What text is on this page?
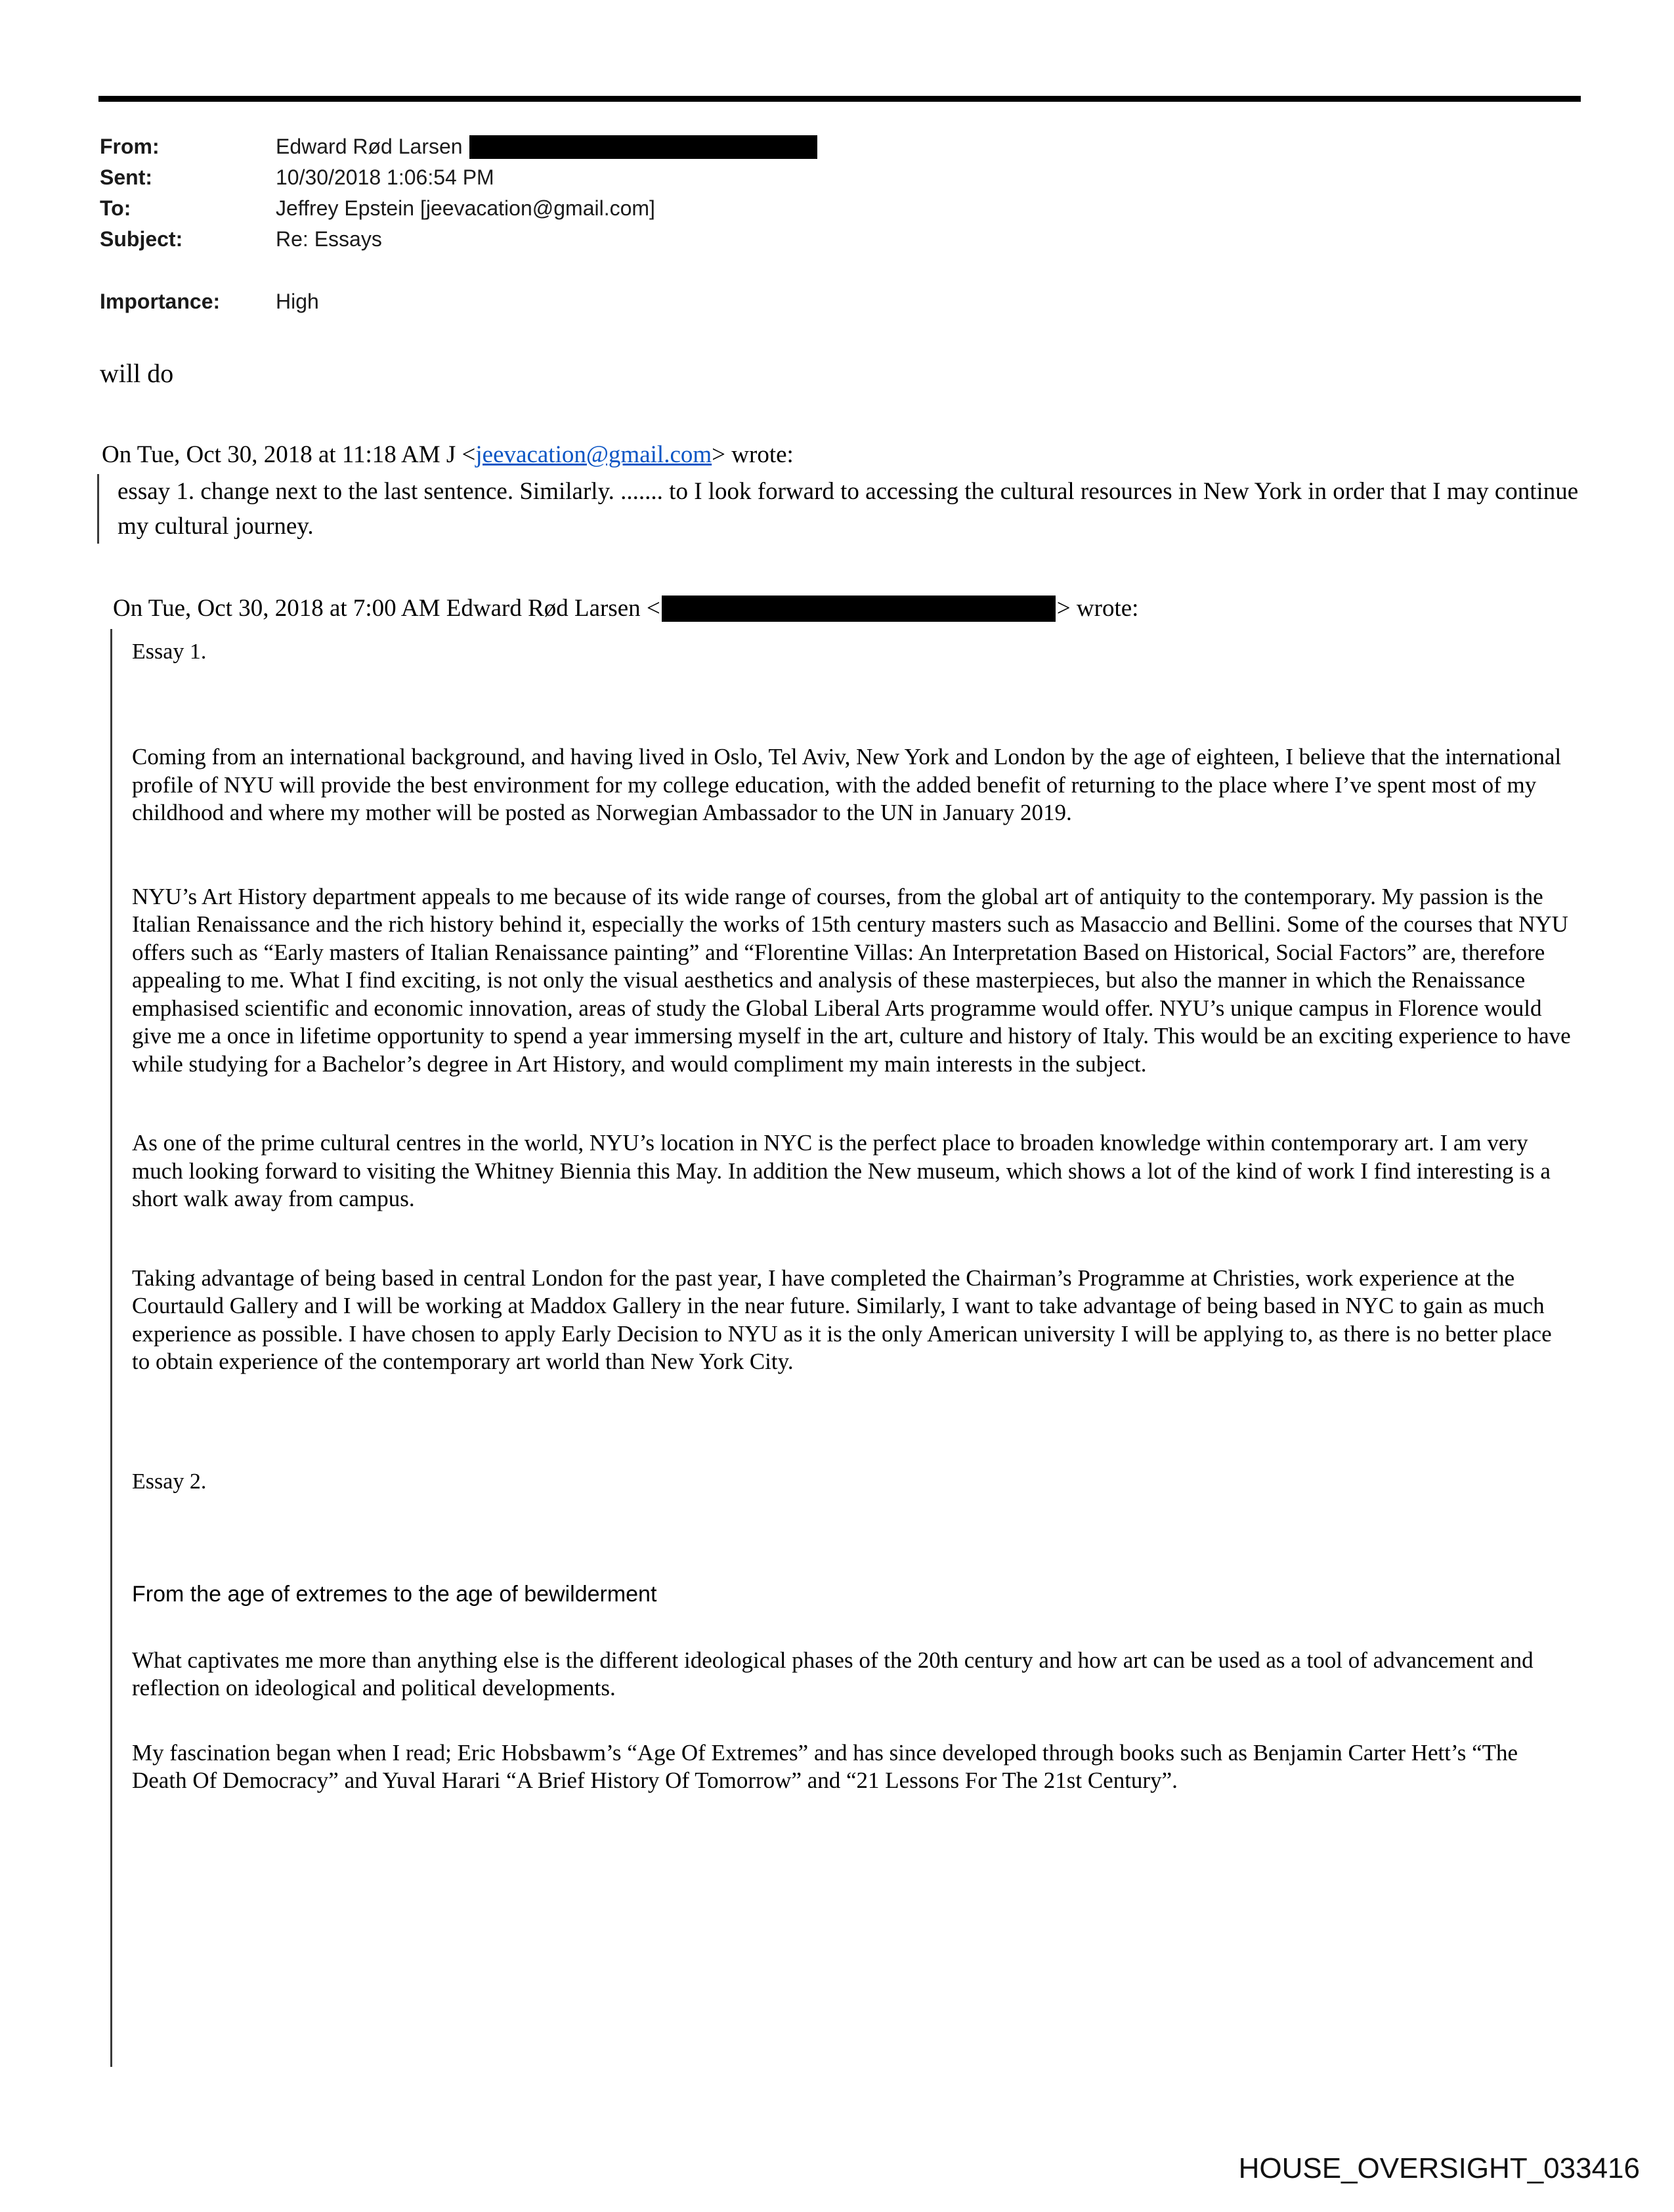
From:	Edward Rød Larsen
Sent:	10/30/2018 1:06:54 PM
To:	Jeffrey Epstein [jeevacation@gmail.com]
Subject:	Re: Essays
Importance:	High
will do
On Tue, Oct 30, 2018 at 11:18 AM J <jeevacation@gmail.com> wrote:

essay 1. change next to the last sentence. Similarly. ....... to I look forward to accessing the cultural resources in New York in order that I may continue my cultural journey.

On Tue, Oct 30, 2018 at 7:00 AM Edward Rød Larsen <	> wrote:

Essay 1.

Coming from an international background, and having lived in Oslo, Tel Aviv, New York and London by the age of eighteen, I believe that the international profile of NYU will provide the best environment for my college education, with the added benefit of returning to the place where I’ve spent most of my childhood and where my mother will be posted as Norwegian Ambassador to the UN in January 2019.

NYU’s Art History department appeals to me because of its wide range of courses, from the global art of antiquity to the contemporary. My passion is the Italian Renaissance and the rich history behind it, especially the works of 15th century masters such as Masaccio and Bellini. Some of the courses that NYU offers such as “Early masters of Italian Renaissance painting” and “Florentine Villas: An Interpretation Based on Historical, Social Factors” are, therefore appealing to me. What I find exciting, is not only the visual aesthetics and analysis of these masterpieces, but also the manner in which the Renaissance emphasised scientific and economic innovation, areas of study the Global Liberal Arts programme would offer. NYU’s unique campus in Florence would give me a once in lifetime opportunity to spend a year immersing myself in the art, culture and history of Italy. This would be an exciting experience to have while studying for a Bachelor’s degree in Art History, and would compliment my main interests in the subject.

As one of the prime cultural centres in the world, NYU’s location in NYC is the perfect place to broaden knowledge within contemporary art. I am very much looking forward to visiting the Whitney Biennia this May. In addition the New museum, which shows a lot of the kind of work I find interesting is a short walk away from campus.

Taking advantage of being based in central London for the past year, I have completed the Chairman’s Programme at Christies, work experience at the Courtauld Gallery and I will be working at Maddox Gallery in the near future. Similarly, I want to take advantage of being based in NYC to gain as much experience as possible. I have chosen to apply Early Decision to NYU as it is the only American university I will be applying to, as there is no better place to obtain experience of the contemporary art world than New York City.

Essay 2.

From the age of extremes to the age of bewilderment

What captivates me more than anything else is the different ideological phases of the 20th century and how art can be used as a tool of advancement and reflection on ideological and political developments.

My fascination began when I read; Eric Hobsbawm’s “Age Of Extremes” and has since developed through books such as Benjamin Carter Hett’s “The Death Of Democracy” and Yuval Harari “A Brief History Of Tomorrow” and “21 Lessons For The 21st Century”.

HOUSE_OVERSIGHT_033416
